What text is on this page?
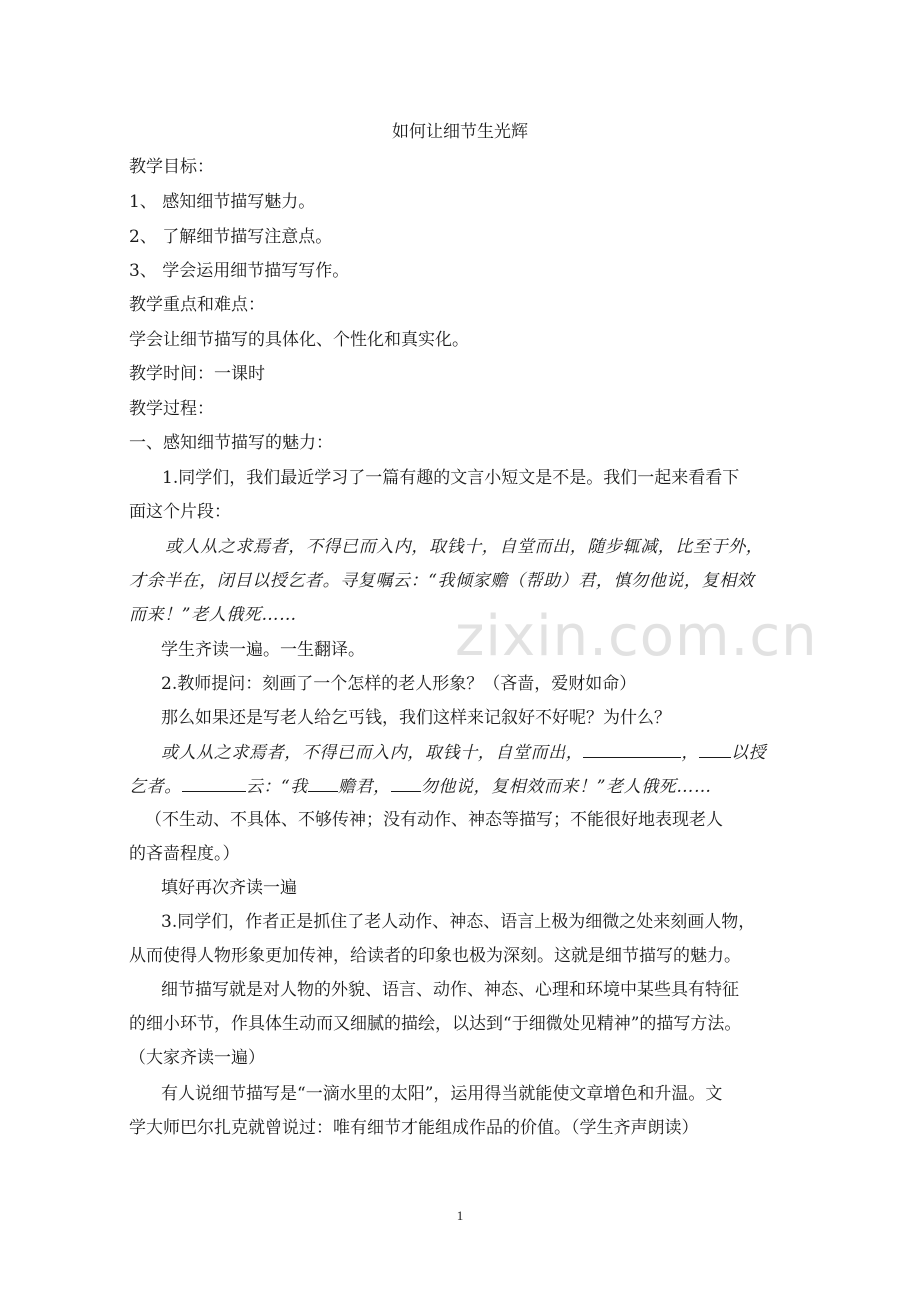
如何让细节生光辉
教学目标：
1、 感知细节描写魅力。
2、 了解细节描写注意点。
3、 学会运用细节描写写作。
教学重点和难点：
学会让细节描写的具体化、个性化和真实化。
教学时间：一课时
教学过程：
一、感知细节描写的魅力：
1.同学们，我们最近学习了一篇有趣的文言小短文是不是。我们一起来看看下
面这个片段：
或人从之求焉者，不得已而入内，取钱十，自堂而出，随步辄减，比至于外，
才余半在，闭目以授乞者。寻复嘱云：“我倾家赡（帮助）君，慎勿他说，复相效
而来！”老人俄死……
学生齐读一遍。一生翻译。
2.教师提问：刻画了一个怎样的老人形象？（吝啬，爱财如命）
那么如果还是写老人给乞丐钱，我们这样来记叙好不好呢？为什么？
或人从之求焉者，不得已而入内，取钱十，自堂而出，	， 以授
乞者。	云：“我 赡君， 勿他说，复相效而来！”老人俄死……
（不生动、不具体、不够传神；没有动作、神态等描写；不能很好地表现老人
的吝啬程度。）
填好再次齐读一遍
3.同学们，作者正是抓住了老人动作、神态、语言上极为细微之处来刻画人物，
从而使得人物形象更加传神，给读者的印象也极为深刻。这就是细节描写的魅力。
细节描写就是对人物的外貌、语言、动作、神态、心理和环境中某些具有特征
的细小环节，作具体生动而又细腻的描绘，以达到“于细微处见精神”的描写方法。
（大家齐读一遍）
有人说细节描写是“一滴水里的太阳”，运用得当就能使文章增色和升温。文
学大师巴尔扎克就曾说过：唯有细节才能组成作品的价值。（学生齐声朗读）
zixin.com.cn
1
